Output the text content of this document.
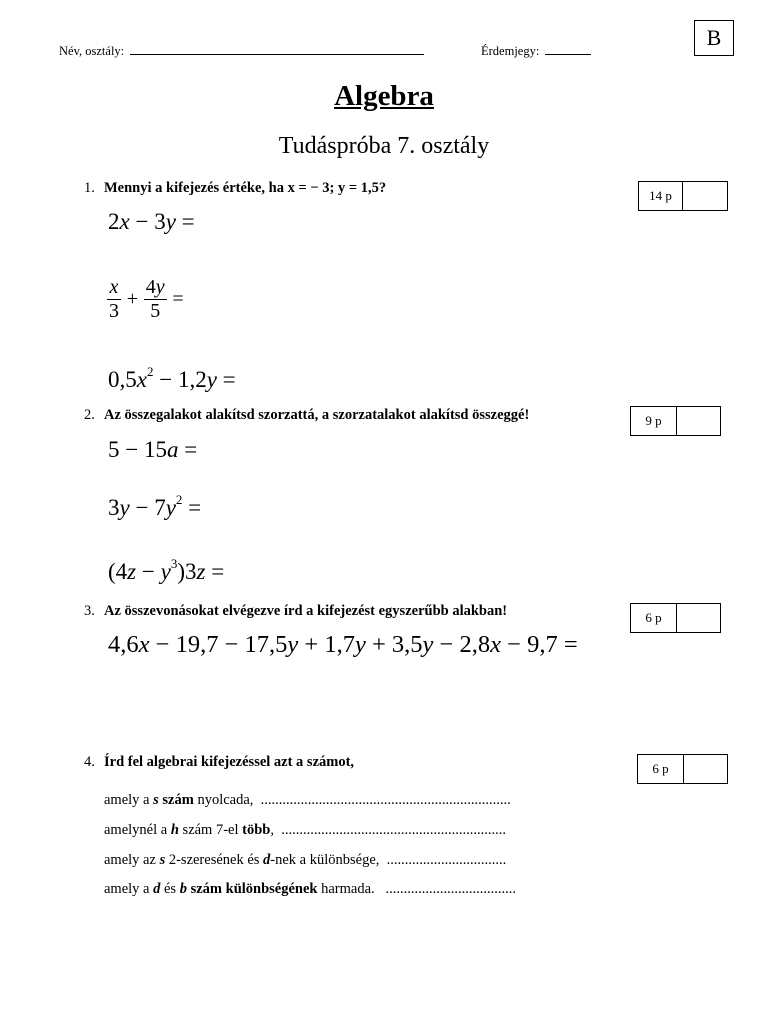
Név, osztály:	Érdemjegy:
B
Algebra
Tudáspróba 7. osztály
1. Mennyi a kifejezés értéke, ha x = − 3; y = 1,5?	14 p
2x − 3y =
$\frac{x}{3} + \frac{4y}{5}$ =
$0,5x^2 - 1,2y$ =
2. Az összegalakot alakítsd szorzattá, a szorzatalakot alakítsd összeggé!	9 p
5 − 15a =
$3y - 7y^2$ =
$(4z - y^3)3z$ =
3. Az összevonásokat elvégezve írd a kifejezést egyszerűbb alakban!	6 p
4,6x − 19,7 − 17,5y + 1,7y + 3,5y − 2,8x − 9,7 =
4. Írd fel algebrai kifejezéssel azt a számot,	6 p
amely a s szám nyolcada, .....................................................................
amelynél a h szám 7-el több, ..............................................................
amely az s 2-szeresének és d-nek a különbsége, .................................
amely a d és b szám különbségének harmada. ....................................
